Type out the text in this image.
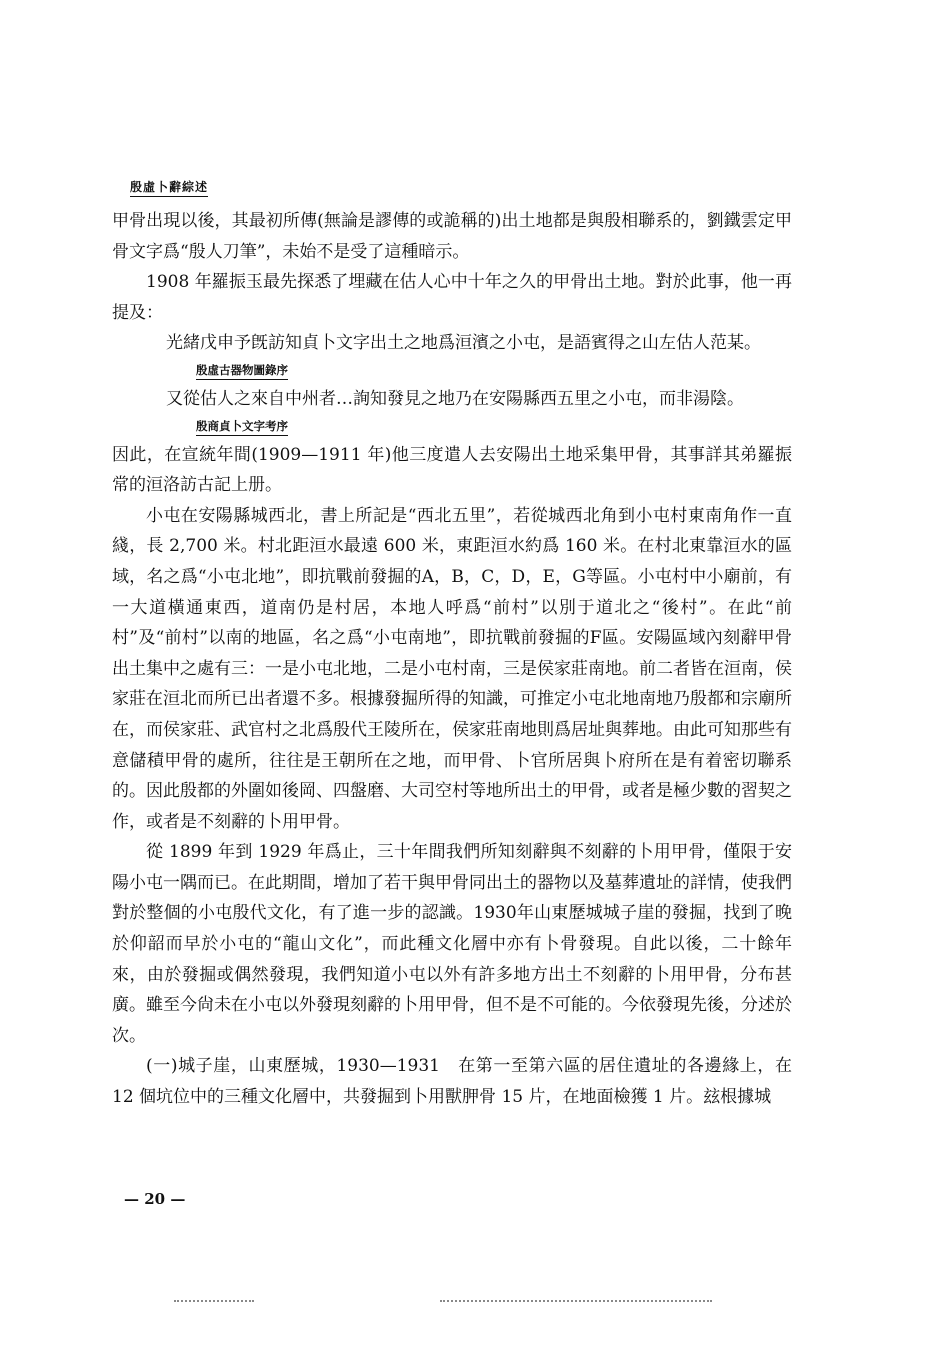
殷虛卜辭綜述

甲骨出現以後，其最初所傳(無論是謬傳的或詭稱的)出土地都是與殷相聯系的，劉鐵雲定甲骨文字爲“殷人刀筆”，未始不是受了這種暗示。

1908 年羅振玉最先探悉了埋藏在估人心中十年之久的甲骨出土地。對於此事，他一再提及：

光緒戊申予旣訪知貞卜文字出土之地爲洹濱之小屯，是語賓得之山左估人范某。

殷虛古器物圖錄序

又從估人之來自中州者…詢知發見之地乃在安陽縣西五里之小屯，而非湯陰。

殷商貞卜文字考序

因此，在宣統年間(1909—1911 年)他三度遣人去安陽出土地采集甲骨，其事詳其弟羅振常的洹洛訪古記上册。

小屯在安陽縣城西北，書上所記是“西北五里”，若從城西北角到小屯村東南角作一直綫，長 2,700 米。村北距洹水最遠 600 米，東距洹水約爲 160 米。在村北東靠洹水的區域，名之爲“小屯北地”，即抗戰前發掘的A，B，C，D，E，G等區。小屯村中小廟前，有一大道橫通東西，道南仍是村居，本地人呼爲“前村”以別于道北之“後村”。在此“前村”及“前村”以南的地區，名之爲“小屯南地”，即抗戰前發掘的F區。安陽區域內刻辭甲骨出土集中之處有三：一是小屯北地，二是小屯村南，三是侯家莊南地。前二者皆在洹南，侯家莊在洹北而所已出者還不多。根據發掘所得的知識，可推定小屯北地南地乃殷都和宗廟所在，而侯家莊、武官村之北爲殷代王陵所在，侯家莊南地則爲居址與葬地。由此可知那些有意儲積甲骨的處所，往往是王朝所在之地，而甲骨、卜官所居與卜府所在是有着密切聯系的。因此殷都的外圍如後岡、四盤磨、大司空村等地所出土的甲骨，或者是極少數的習契之作，或者是不刻辭的卜用甲骨。

從 1899 年到 1929 年爲止，三十年間我們所知刻辭與不刻辭的卜用甲骨，僅限于安陽小屯一隅而已。在此期間，增加了若干與甲骨同出土的器物以及墓葬遺址的詳情，使我們對於整個的小屯殷代文化，有了進一步的認識。1930年山東歷城城子崖的發掘，找到了晚於仰韶而早於小屯的“龍山文化”，而此種文化層中亦有卜骨發現。自此以後，二十餘年來，由於發掘或偶然發現，我們知道小屯以外有許多地方出土不刻辭的卜用甲骨，分布甚廣。雖至今尙未在小屯以外發現刻辭的卜用甲骨，但不是不可能的。今依發現先後，分述於次。

(一)城子崖，山東歷城，1930—1931　在第一至第六區的居住遺址的各邊緣上，在 12 個坑位中的三種文化層中，共發掘到卜用獸胛骨 15 片，在地面檢獲 1 片。玆根據城

— 20 —
